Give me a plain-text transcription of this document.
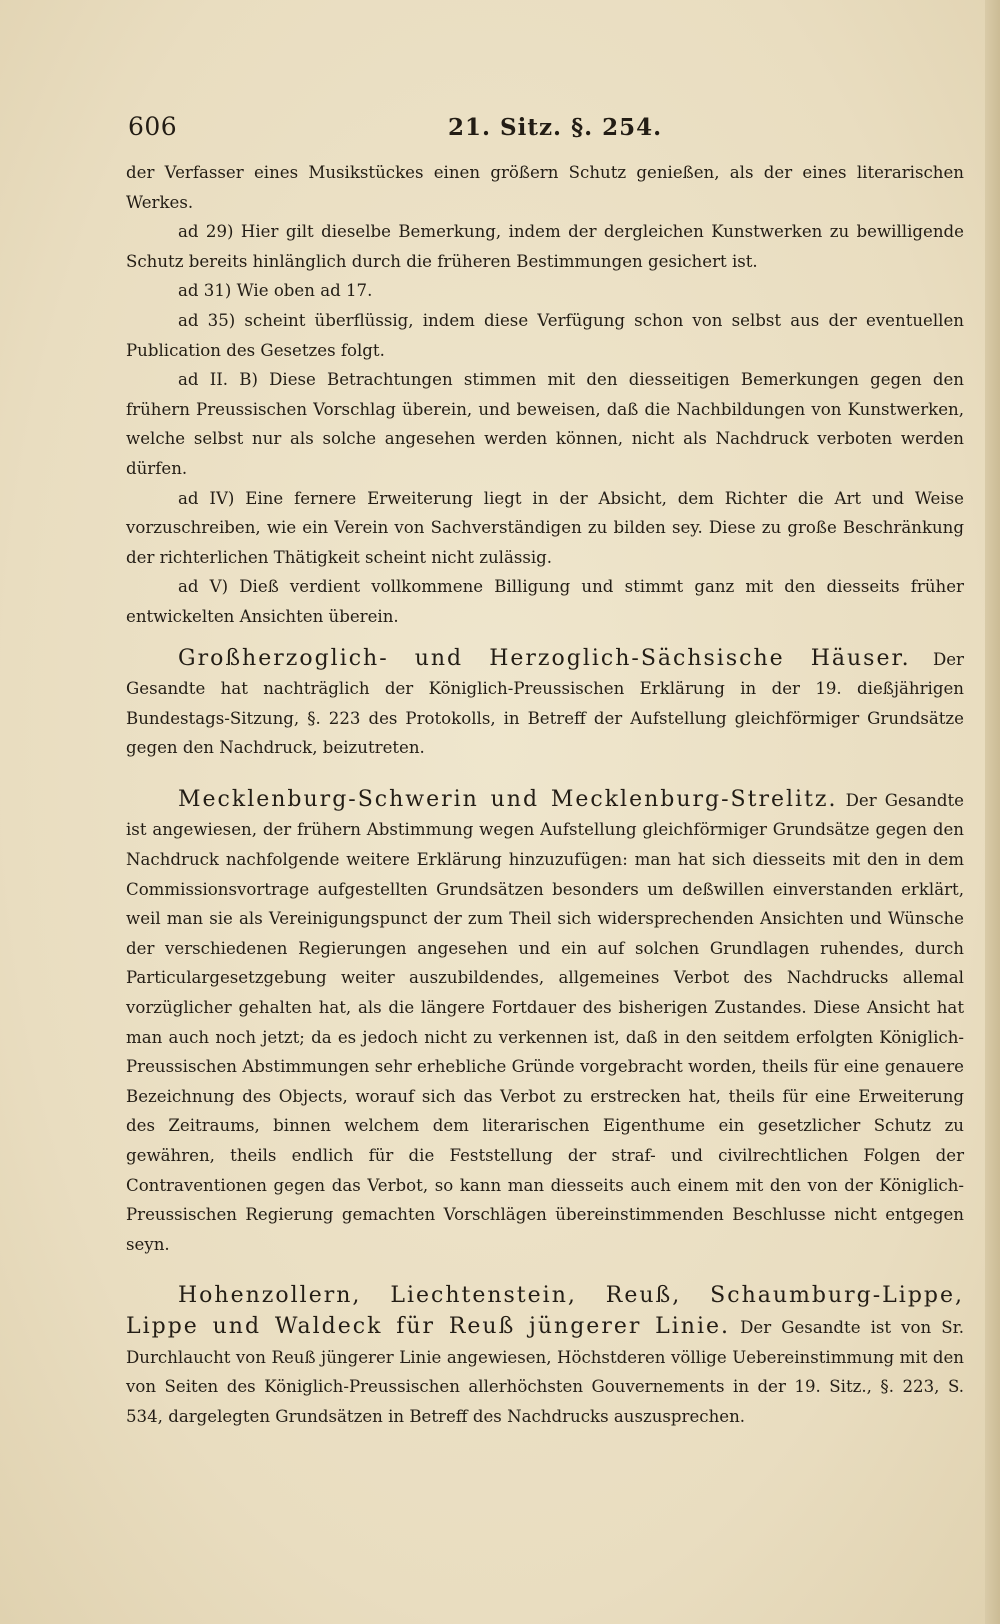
606	21. Sitz. §. 254.

der Verfasser eines Musikstückes einen größern Schutz genießen, als der eines literarischen Werkes.

ad 29) Hier gilt dieselbe Bemerkung, indem der dergleichen Kunstwerken zu bewilligende Schutz bereits hinlänglich durch die früheren Bestimmungen gesichert ist.

ad 31) Wie oben ad 17.

ad 35) scheint überflüssig, indem diese Verfügung schon von selbst aus der eventuellen Publication des Gesetzes folgt.

ad II. B) Diese Betrachtungen stimmen mit den diesseitigen Bemerkungen gegen den frühern Preussischen Vorschlag überein, und beweisen, daß die Nachbildungen von Kunstwerken, welche selbst nur als solche angesehen werden können, nicht als Nachdruck verboten werden dürfen.

ad IV) Eine fernere Erweiterung liegt in der Absicht, dem Richter die Art und Weise vorzuschreiben, wie ein Verein von Sachverständigen zu bilden sey. Diese zu große Beschränkung der richterlichen Thätigkeit scheint nicht zulässig.

ad V) Dieß verdient vollkommene Billigung und stimmt ganz mit den diesseits früher entwickelten Ansichten überein.

Großherzoglich- und Herzoglich-Sächsische Häuser. Der Gesandte hat nachträglich der Königlich-Preussischen Erklärung in der 19. dießjährigen Bundestags-Sitzung, §. 223 des Protokolls, in Betreff der Aufstellung gleichförmiger Grundsätze gegen den Nachdruck, beizutreten.

Mecklenburg-Schwerin und Mecklenburg-Strelitz. Der Gesandte ist angewiesen, der frühern Abstimmung wegen Aufstellung gleichförmiger Grundsätze gegen den Nachdruck nachfolgende weitere Erklärung hinzuzufügen: man hat sich diesseits mit den in dem Commissionsvortrage aufgestellten Grundsätzen besonders um deßwillen einverstanden erklärt, weil man sie als Vereinigungspunct der zum Theil sich widersprechenden Ansichten und Wünsche der verschiedenen Regierungen angesehen und ein auf solchen Grundlagen ruhendes, durch Particulargesetzgebung weiter auszubildendes, allgemeines Verbot des Nachdrucks allemal vorzüglicher gehalten hat, als die längere Fortdauer des bisherigen Zustandes. Diese Ansicht hat man auch noch jetzt; da es jedoch nicht zu verkennen ist, daß in den seitdem erfolgten Königlich-Preussischen Abstimmungen sehr erhebliche Gründe vorgebracht worden, theils für eine genauere Bezeichnung des Objects, worauf sich das Verbot zu erstrecken hat, theils für eine Erweiterung des Zeitraums, binnen welchem dem literarischen Eigenthume ein gesetzlicher Schutz zu gewähren, theils endlich für die Feststellung der straf- und civilrechtlichen Folgen der Contraventionen gegen das Verbot, so kann man diesseits auch einem mit den von der Königlich-Preussischen Regierung gemachten Vorschlägen übereinstimmenden Beschlusse nicht entgegen seyn.

Hohenzollern, Liechtenstein, Reuß, Schaumburg-Lippe, Lippe und Waldeck für Reuß jüngerer Linie. Der Gesandte ist von Sr. Durchlaucht von Reuß jüngerer Linie angewiesen, Höchstderen völlige Uebereinstimmung mit den von Seiten des Königlich-Preussischen allerhöchsten Gouvernements in der 19. Sitz., §. 223, S. 534, dargelegten Grundsätzen in Betreff des Nachdrucks auszusprechen.
